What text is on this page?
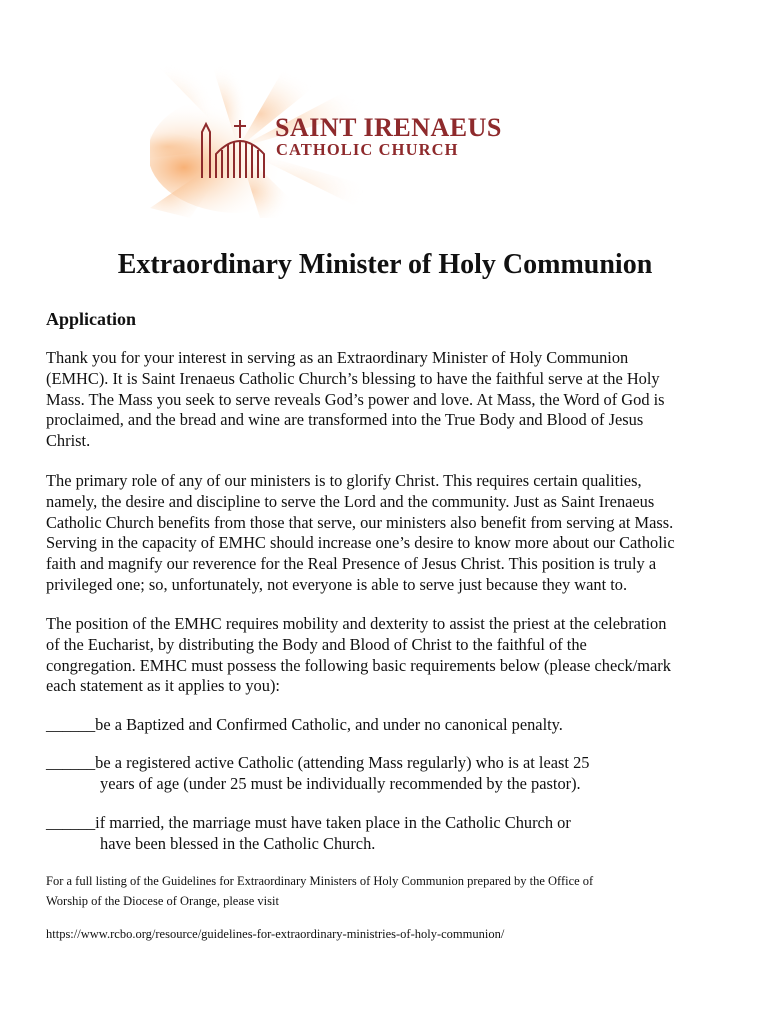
SAINT IRENAEUS
CATHOLIC CHURCH
Extraordinary Minister of Holy Communion
Application

Thank you for your interest in serving as an Extraordinary Minister of Holy Communion
(EMHC). It is Saint Irenaeus Catholic Church’s blessing to have the faithful serve at the Holy
Mass. The Mass you seek to serve reveals God’s power and love. At Mass, the Word of God is
proclaimed, and the bread and wine are transformed into the True Body and Blood of Jesus
Christ.

The primary role of any of our ministers is to glorify Christ. This requires certain qualities,
namely, the desire and discipline to serve the Lord and the community. Just as Saint Irenaeus
Catholic Church benefits from those that serve, our ministers also benefit from serving at Mass.
Serving in the capacity of EMHC should increase one’s desire to know more about our Catholic
faith and magnify our reverence for the Real Presence of Jesus Christ. This position is truly a
privileged one; so, unfortunately, not everyone is able to serve just because they want to.

The position of the EMHC requires mobility and dexterity to assist the priest at the celebration
of the Eucharist, by distributing the Body and Blood of Christ to the faithful of the
congregation. EMHC must possess the following basic requirements below (please check/mark
each statement as it applies to you):

______be a Baptized and Confirmed Catholic, and under no canonical penalty.

______be a registered active Catholic (attending Mass regularly) who is at least 25
years of age (under 25 must be individually recommended by the pastor).

______if married, the marriage must have taken place in the Catholic Church or
have been blessed in the Catholic Church.

For a full listing of the Guidelines for Extraordinary Ministers of Holy Communion prepared by the Office of
Worship of the Diocese of Orange, please visit

https://www.rcbo.org/resource/guidelines-for-extraordinary-ministries-of-holy-communion/
